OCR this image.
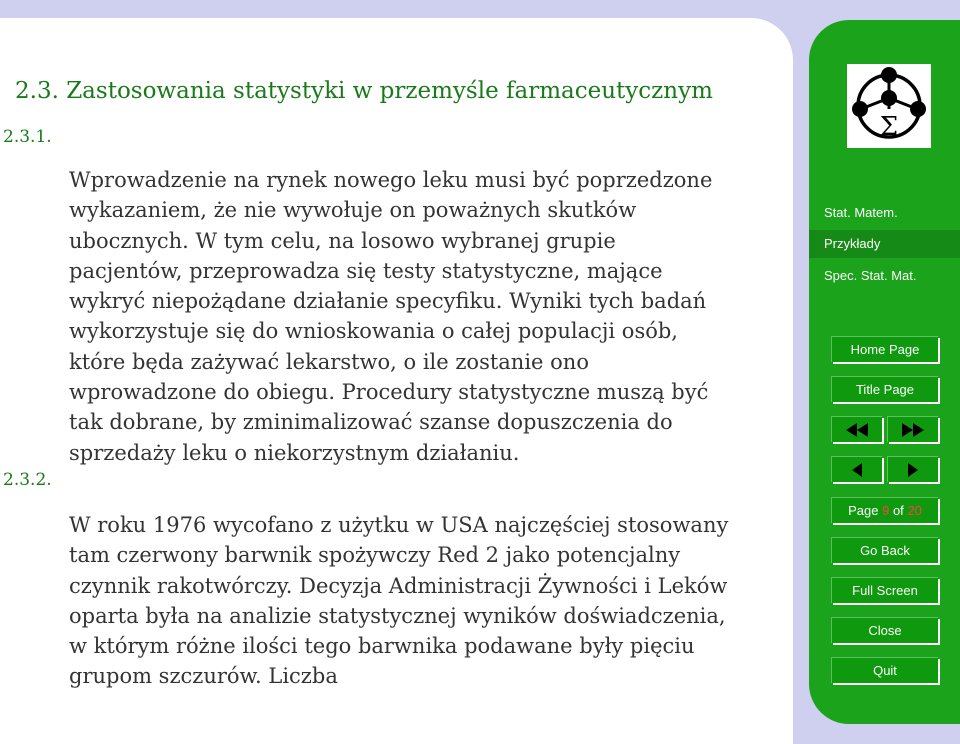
2.3. Zastosowania statystyki w przemyśle farmaceutycznym
2.3.1.

Wprowadzenie na rynek nowego leku musi być poprzedzone wykazaniem, że nie wywołuje on poważnych skutków ubocznych. W tym celu, na losowo wybranej grupie pacjentów, przeprowadza się testy statystyczne, mające wykryć niepożądane działanie specyfiku. Wyniki tych badań wykorzystuje się do wnioskowania o całej populacji osób, które będa zażywać lekarstwo, o ile zostanie ono wprowadzone do obiegu. Procedury statystyczne muszą być tak dobrane, by zminimalizować szanse dopuszczenia do sprzedaży leku o niekorzystnym działaniu.

2.3.2.

W roku 1976 wycofano z użytku w USA najczęściej stosowany tam czerwony barwnik spożywczy Red 2 jako potencjalny czynnik rakotwórczy. Decyzja Administracji Żywności i Leków oparta była na analizie statystycznej wyników doświadczenia, w którym różne ilości tego barwnika podawane były pięciu grupom szczurów. Liczba

Σ
Stat. Matem.
Przykłady
Spec. Stat. Mat.
Home Page
Title Page
Page
9
of
20
Go Back
Full Screen
Close
Quit
